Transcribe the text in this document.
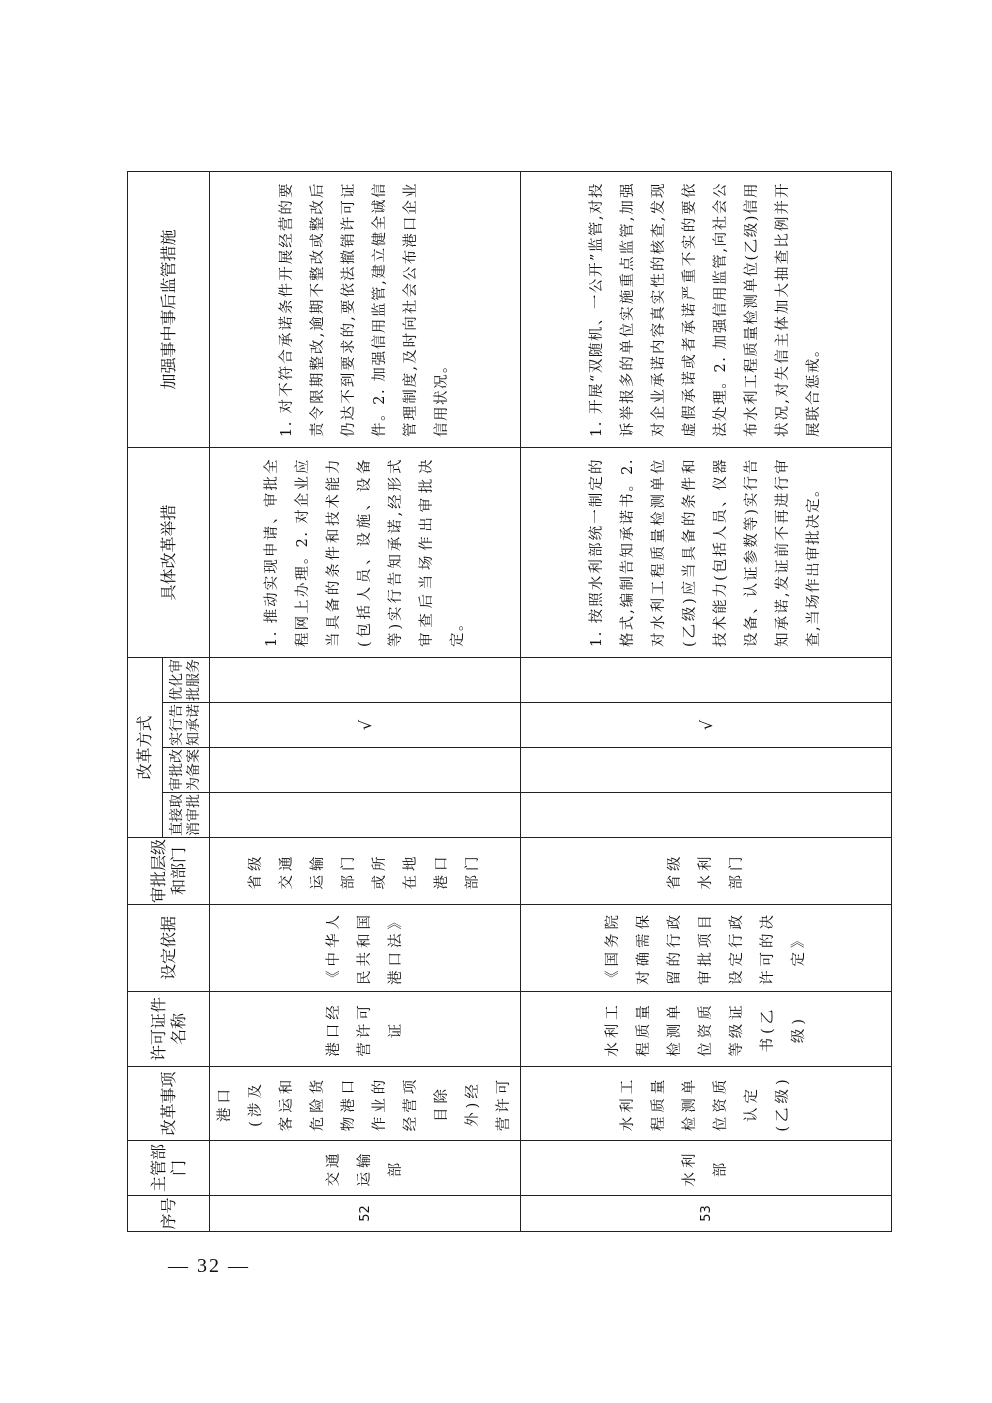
序号	主管部门	改革事项	许可证件名称	设定依据	审批层级和部门	改革方式				具体改革举措	加强事中事后监管措施
						直接取消审批	审批改为备案	实行告知承诺	优化审批服务		
52	交通运输部	港口(涉及客运和危险货物港口作业的经营项目除外)经营许可	港口经营许可证	《中华人民共和国港口法》	省级交通运输部门或所在地港口部门			√		1. 推动实现申请、审批全程网上办理。2. 对企业应当具备的条件和技术能力(包括人员、设施、设备等)实行告知承诺,经形式审查后当场作出审批决定。	1. 对不符合承诺条件开展经营的要责令限期整改,逾期不整改或整改后仍达不到要求的,要依法撤销许可证件。2. 加强信用监管,建立健全诚信管理制度,及时向社会公布港口企业信用状况。
53	水利部	水利工程质量检测单位资质认定(乙级)	水利工程质量检测单位资质等级证书(乙级)	《国务院对确需保留的行政审批项目设定行政许可的决定》	省级水利部门			√		1. 按照水利部统一制定的格式,编制告知承诺书。2. 对水利工程质量检测单位(乙级)应当具备的条件和技术能力(包括人员、仪器设备、认证参数等)实行告知承诺,发证前不再进行审查,当场作出审批决定。	1. 开展“双随机、一公开”监管,对投诉举报多的单位实施重点监管,加强对企业承诺内容真实性的核查,发现虚假承诺或者承诺严重不实的要依法处理。2. 加强信用监管,向社会公布水利工程质量检测单位(乙级)信用状况,对失信主体加大抽查比例并开展联合惩戒。
— 32 —
